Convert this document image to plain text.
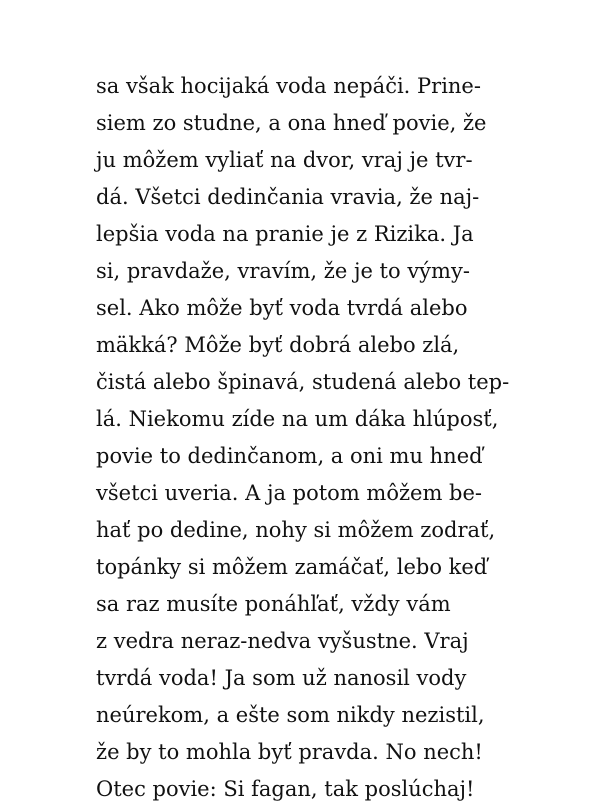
sa však hocijaká voda nepáči. Prine-
siem zo studne, a ona hneď povie, že
ju môžem vyliať na dvor, vraj je tvr-
dá. Všetci dedinčania vravia, že naj-
lepšia voda na pranie je z Rizika. Ja
si, pravdaže, vravím, že je to výmy-
sel. Ako môže byť voda tvrdá alebo
mäkká? Môže byť dobrá alebo zlá,
čistá alebo špinavá, studená alebo tep-
lá. Niekomu zíde na um dáka hlúposť,
povie to dedinčanom, a oni mu hneď
všetci uveria. A ja potom môžem be-
hať po dedine, nohy si môžem zodrať,
topánky si môžem zamáčať, lebo keď
sa raz musíte ponáhľať, vždy vám
z vedra neraz-nedva vyšustne. Vraj
tvrdá voda! Ja som už nanosil vody
neúrekom, a ešte som nikdy nezistil,
že by to mohla byť pravda. No nech!
Otec povie: Si fagan, tak poslúchaj!
